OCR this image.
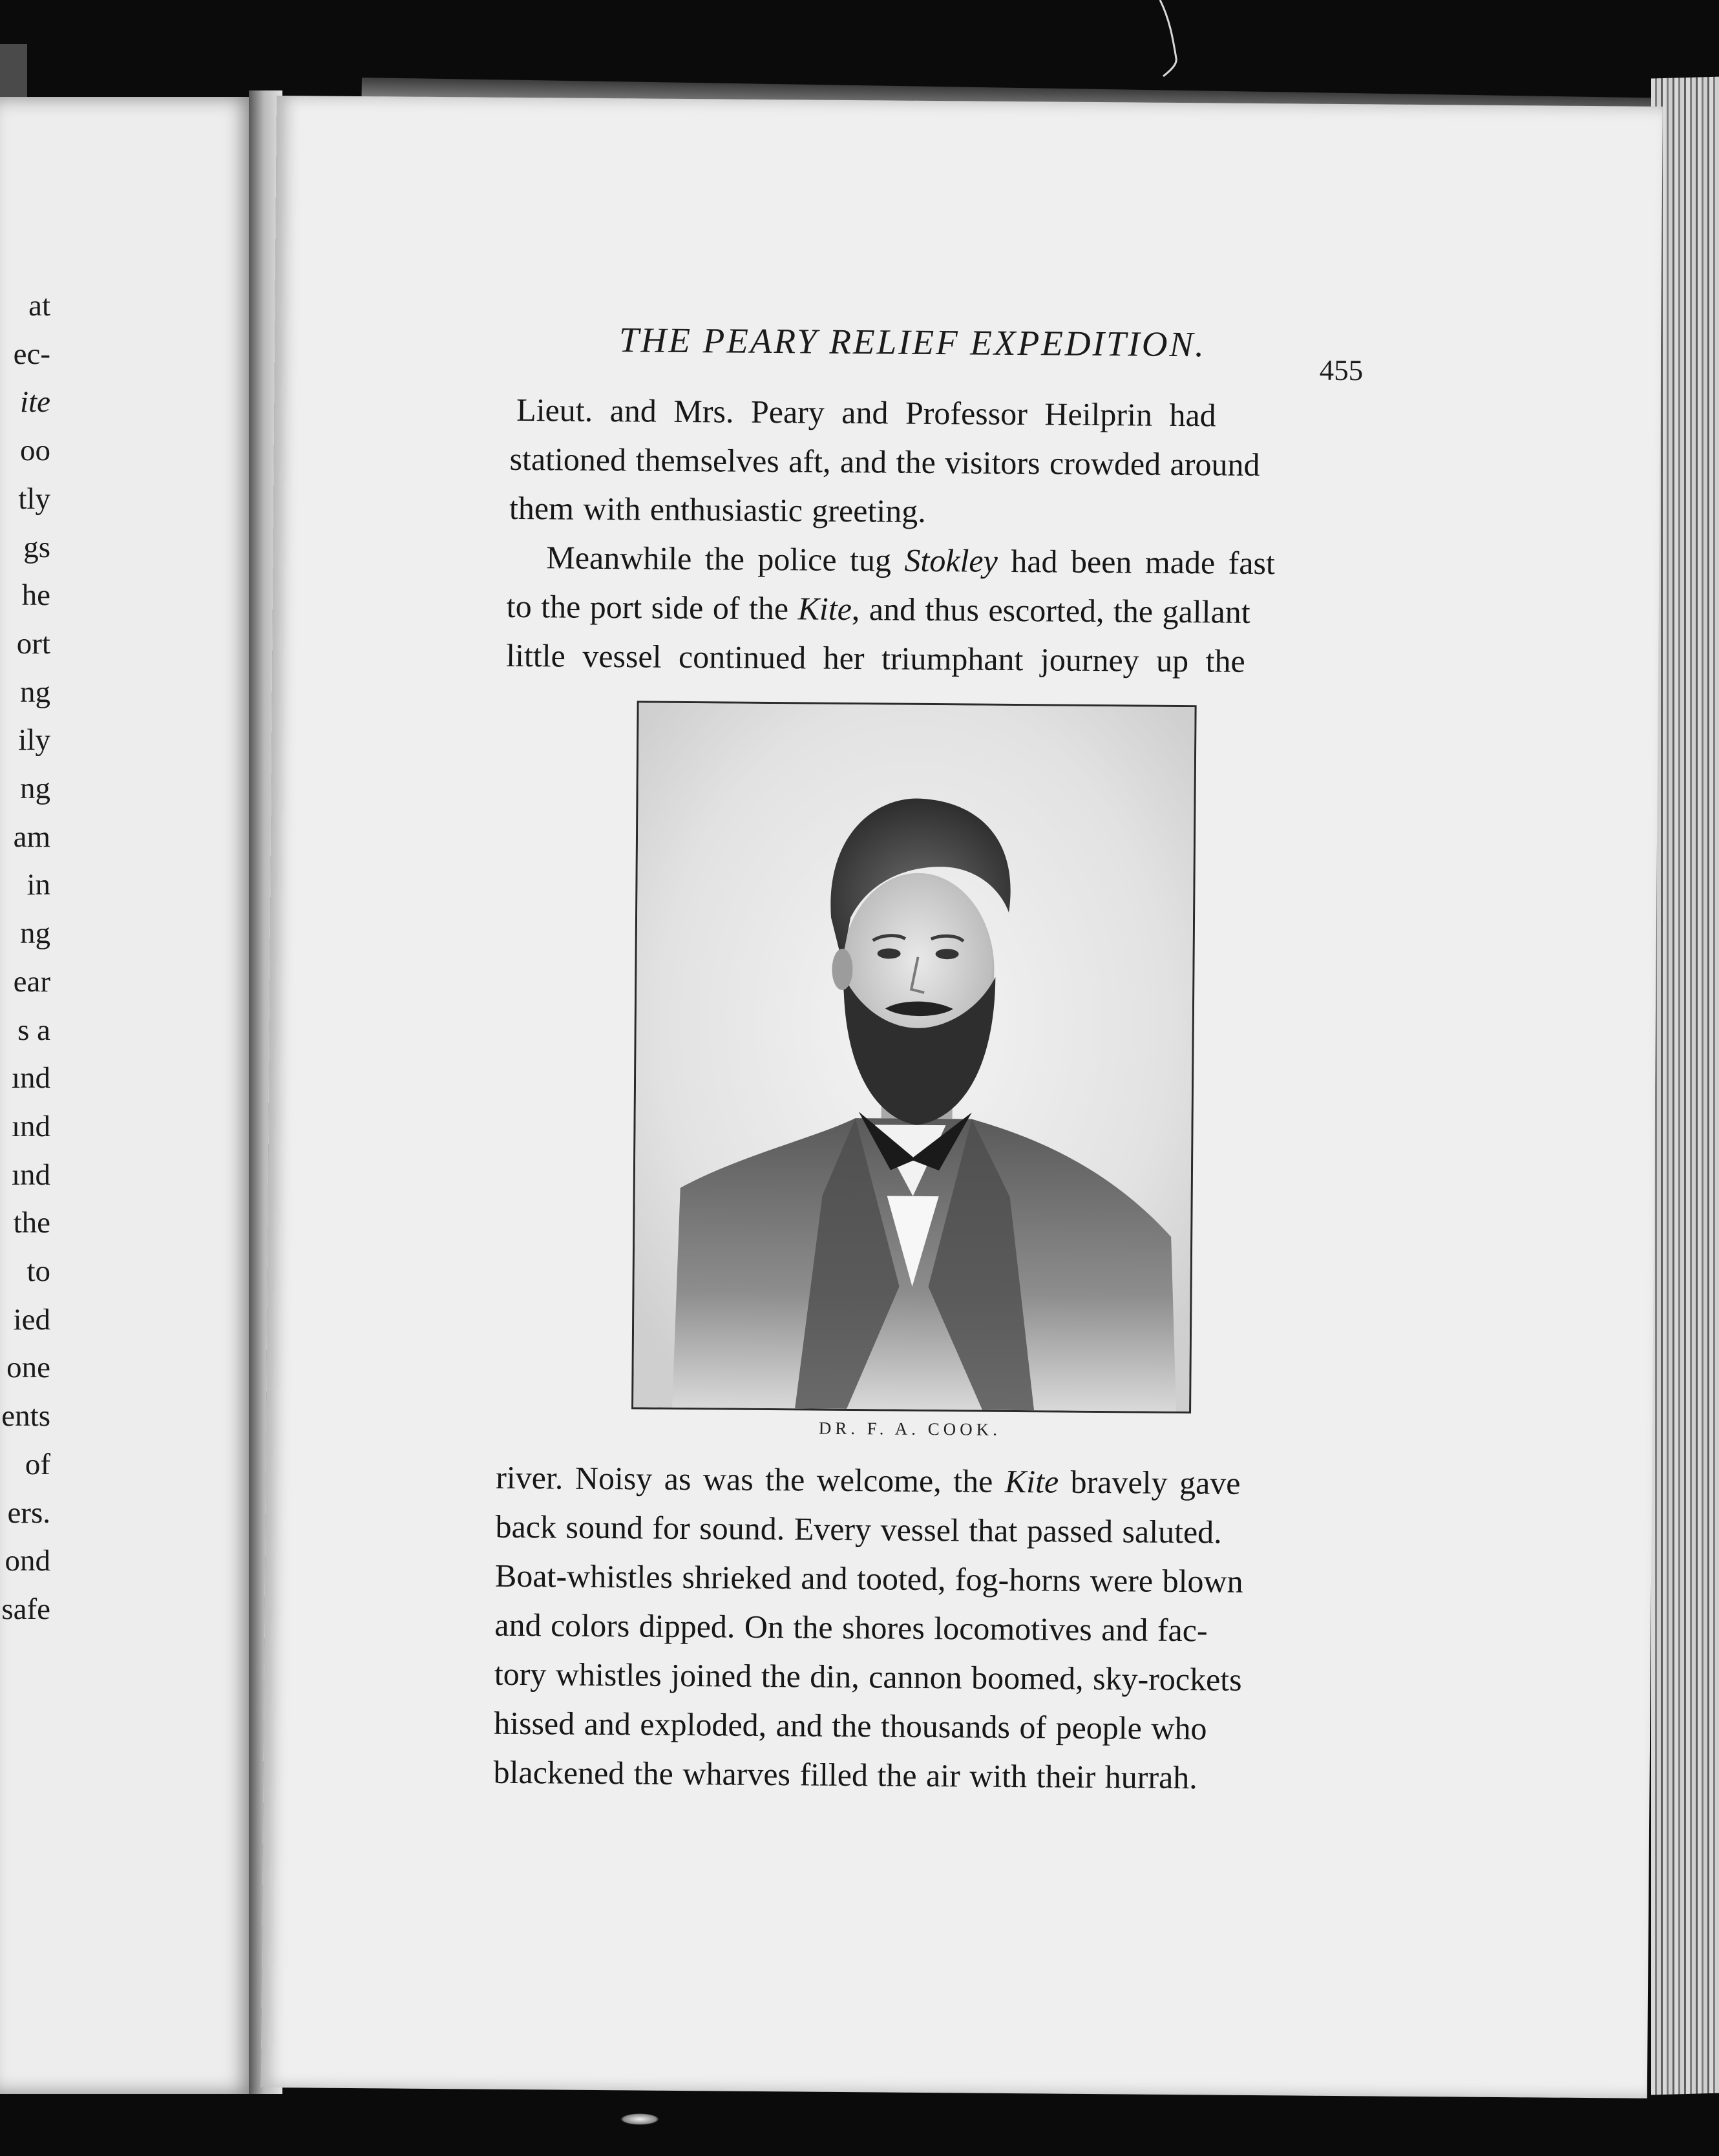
at
ec-
ite
oo
tly
gs
he
ort
ng
ily
ng
am
in
ng
ear
s a
ınd
ınd
ınd
the
to
ied
one
ents
of
ers.
ond
safe
THE PEARY RELIEF EXPEDITION.
455
Lieut. and Mrs. Peary and Professor Heilprin had
stationed themselves aft, and the visitors crowded around
them with enthusiastic greeting.
Meanwhile the police tug Stokley had been made fast
to the port side of the Kite, and thus escorted, the gallant
little vessel continued her triumphant journey up the
DR. F. A. COOK.
river. Noisy as was the welcome, the Kite bravely gave
back sound for sound. Every vessel that passed saluted.
Boat-whistles shrieked and tooted, fog-horns were blown
and colors dipped. On the shores locomotives and fac-
tory whistles joined the din, cannon boomed, sky-rockets
hissed and exploded, and the thousands of people who
blackened the wharves filled the air with their hurrah.
